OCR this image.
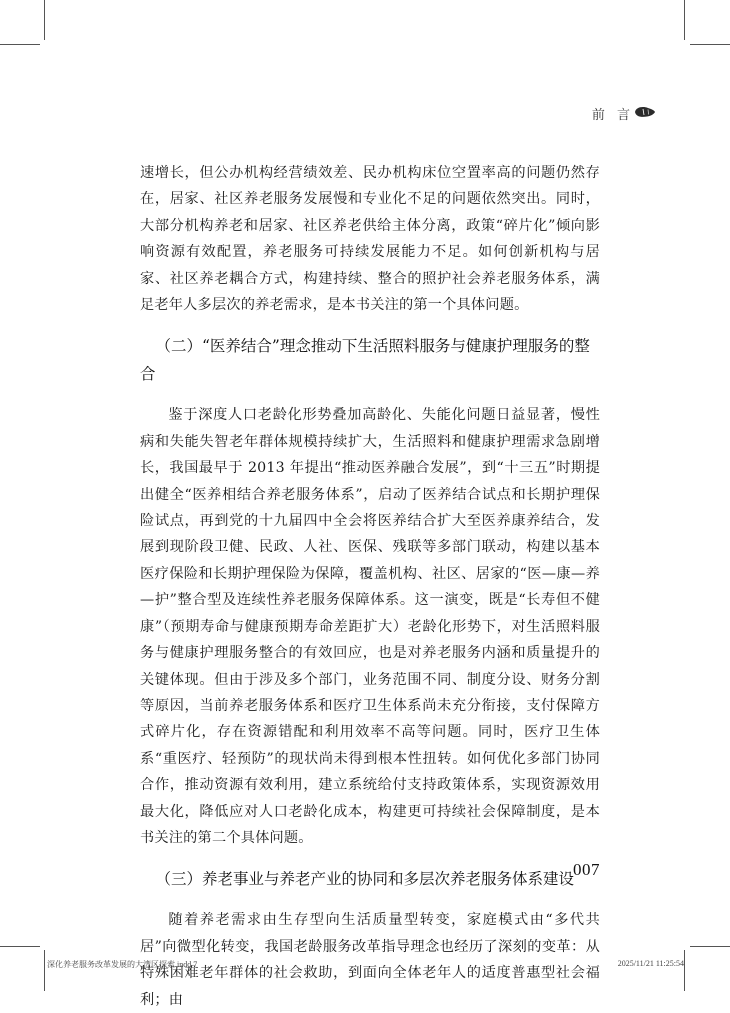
前 言

速增长，但公办机构经营绩效差、民办机构床位空置率高的问题仍然存在，居家、社区养老服务发展慢和专业化不足的问题依然突出。同时，大部分机构养老和居家、社区养老供给主体分离，政策“碎片化”倾向影响资源有效配置，养老服务可持续发展能力不足。如何创新机构与居家、社区养老耦合方式，构建持续、整合的照护社会养老服务体系，满足老年人多层次的养老需求，是本书关注的第一个具体问题。

（二）“医养结合”理念推动下生活照料服务与健康护理服务的整合

鉴于深度人口老龄化形势叠加高龄化、失能化问题日益显著，慢性病和失能失智老年群体规模持续扩大，生活照料和健康护理需求急剧增长，我国最早于 2013 年提出“推动医养融合发展”，到“十三五”时期提出健全“医养相结合养老服务体系”，启动了医养结合试点和长期护理保险试点，再到党的十九届四中全会将医养结合扩大至医养康养结合，发展到现阶段卫健、民政、人社、医保、残联等多部门联动，构建以基本医疗保险和长期护理保险为保障，覆盖机构、社区、居家的“医—康—养—护”整合型及连续性养老服务保障体系。这一演变，既是“长寿但不健康”（预期寿命与健康预期寿命差距扩大）老龄化形势下，对生活照料服务与健康护理服务整合的有效回应，也是对养老服务内涵和质量提升的关键体现。但由于涉及多个部门，业务范围不同、制度分设、财务分割等原因，当前养老服务体系和医疗卫生体系尚未充分衔接，支付保障方式碎片化，存在资源错配和利用效率不高等问题。同时，医疗卫生体系“重医疗、轻预防”的现状尚未得到根本性扭转。如何优化多部门协同合作，推动资源有效利用，建立系统给付支持政策体系，实现资源效用最大化，降低应对人口老龄化成本，构建更可持续社会保障制度，是本书关注的第二个具体问题。

（三）养老事业与养老产业的协同和多层次养老服务体系建设

随着养老需求由生存型向生活质量型转变，家庭模式由“多代共居”向微型化转变，我国老龄服务改革指导理念也经历了深刻的变革：从特殊困难老年群体的社会救助，到面向全体老年人的适度普惠型社会福利；由

007
深化养老服务改革发展的大湾区探索.indd 7	2025/11/21 11:25:54
